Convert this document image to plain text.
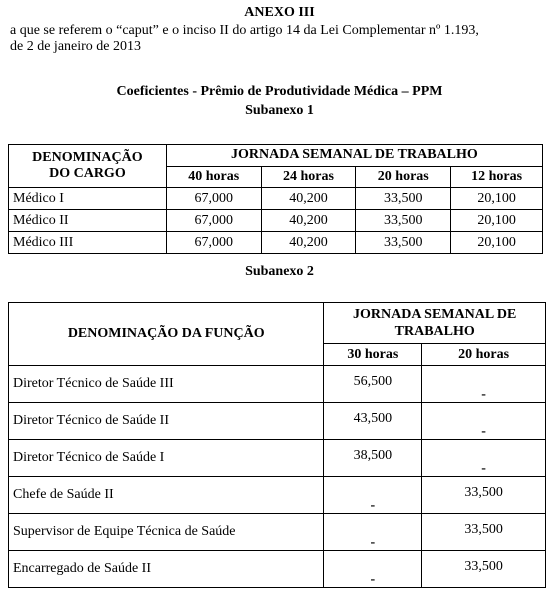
ANEXO III
a que se referem o “caput” e o inciso II do artigo 14 da Lei Complementar nº 1.193,
de 2 de janeiro de 2013
Coeficientes - Prêmio de Produtividade Médica – PPM
Subanexo 1
DENOMINAÇÃO
DO CARGO	JORNADA SEMANAL DE TRABALHO			
	40 horas	24 horas	20 horas	12 horas
Médico I	67,000	40,200	33,500	20,100
Médico II	67,000	40,200	33,500	20,100
Médico III	67,000	40,200	33,500	20,100
Subanexo 2
DENOMINAÇÃO DA FUNÇÃO	JORNADA SEMANAL DE
TRABALHO	

	30 horas	20 horas
Diretor Técnico de Saúde III	56,500	-

Diretor Técnico de Saúde II	43,500	-

Diretor Técnico de Saúde I	38,500	-

Chefe de Saúde II	-	33,500

Supervisor de Equipe Técnica de Saúde	-	33,500

Encarregado de Saúde II	-	33,500
